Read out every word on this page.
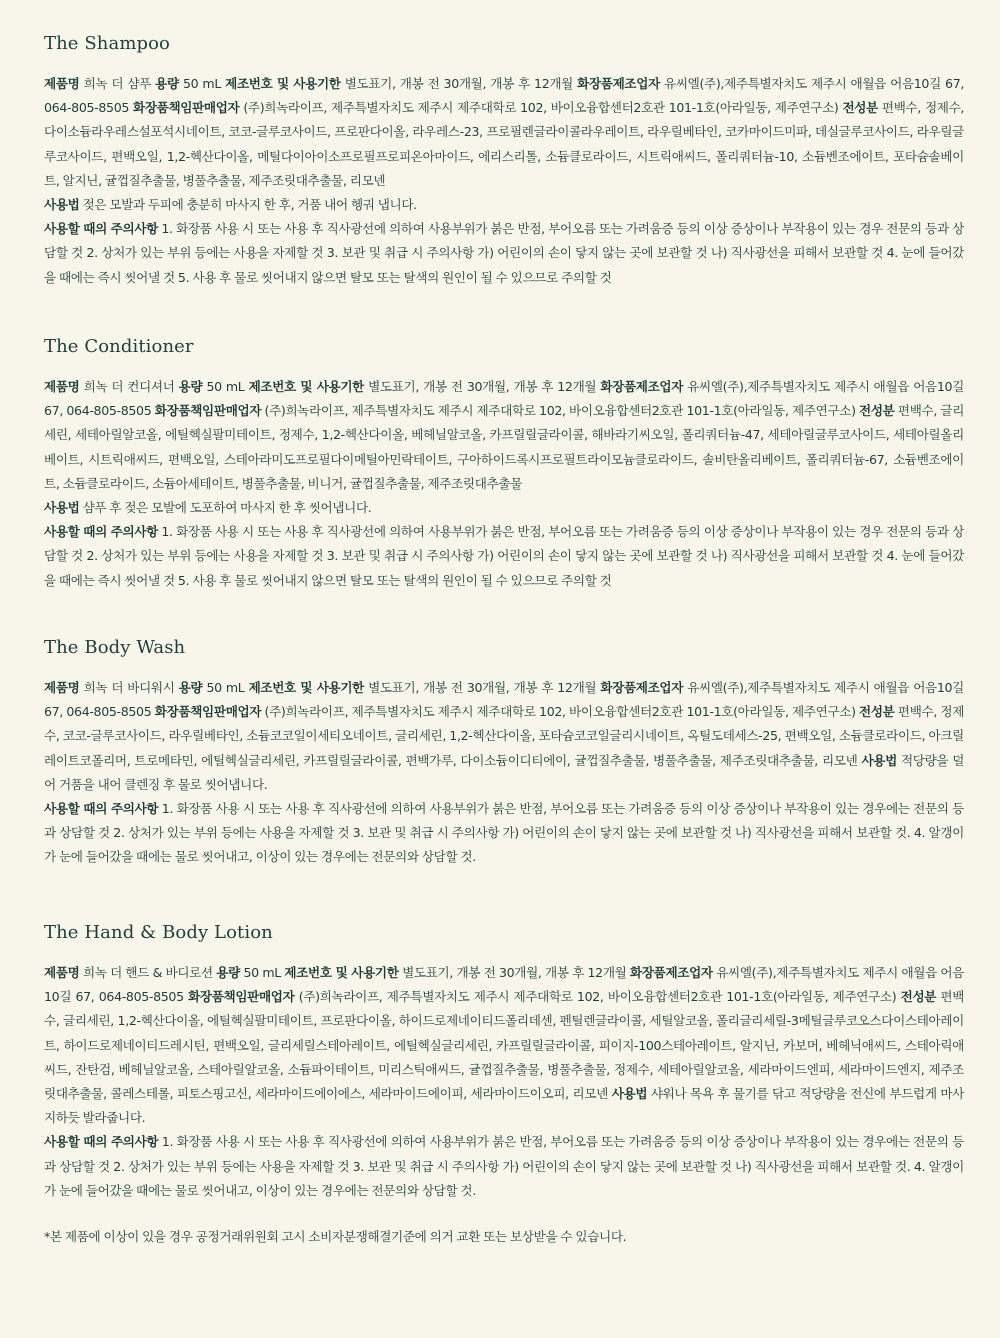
The Shampoo

제품명 희녹 더 샴푸 용량 50 mL 제조번호 및 사용기한 별도표기, 개봉 전 30개월, 개봉 후 12개월 화장품제조업자 유씨엘(주),제주특별자치도 제주시 애월읍 어음10길 67, 064-805-8505 화장품책임판매업자 (주)희녹라이프, 제주특별자치도 제주시 제주대학로 102, 바이오융합센터2호관 101-1호(아라일동, 제주연구소) 전성분 편백수, 정제수, 다이소듐라우레스설포석시네이트, 코코-글루코사이드, 프로판다이올, 라우레스-23, 프로필렌글라이콜라우레이트, 라우릴베타인, 코카마이드미파, 데실글루코사이드, 라우릴글루코사이드, 편백오일, 1,2-헥산다이올, 메틸다이아이소프로필프로피온아마이드, 에리스리톨, 소듐클로라이드, 시트릭애씨드, 폴리쿼터늄-10, 소듐벤조에이트, 포타슘솔베이트, 알지닌, 귤껍질추출물, 병풀추출물, 제주조릿대추출물, 리모넨

사용법 젖은 모발과 두피에 충분히 마사지 한 후, 거품 내어 헹궈 냅니다.

사용할 때의 주의사항 1. 화장품 사용 시 또는 사용 후 직사광선에 의하여 사용부위가 붉은 반점, 부어오름 또는 가려움증 등의 이상 증상이나 부작용이 있는 경우 전문의 등과 상담할 것 2. 상처가 있는 부위 등에는 사용을 자제할 것 3. 보관 및 취급 시 주의사항 가) 어린이의 손이 닿지 않는 곳에 보관할 것 나) 직사광선을 피해서 보관할 것 4. 눈에 들어갔을 때에는 즉시 씻어낼 것 5. 사용 후 물로 씻어내지 않으면 탈모 또는 탈색의 원인이 될 수 있으므로 주의할 것

The Conditioner

제품명 희녹 더 컨디셔너 용량 50 mL 제조번호 및 사용기한 별도표기, 개봉 전 30개월, 개봉 후 12개월 화장품제조업자 유씨엘(주),제주특별자치도 제주시 애월읍 어음10길 67, 064-805-8505 화장품책임판매업자 (주)희녹라이프, 제주특별자치도 제주시 제주대학로 102, 바이오융합센터2호관 101-1호(아라일동, 제주연구소) 전성분 편백수, 글리세린, 세테아릴알코올, 에틸헥실팔미테이트, 정제수, 1,2-헥산다이올, 베헤닐알코올, 카프릴릴글라이콜, 해바라기씨오일, 폴리쿼터늄-47, 세테아릴글루코사이드, 세테아릴올리베이트, 시트릭애씨드, 편백오일, 스테아라미도프로필다이메틸아민락테이트, 구아하이드록시프로필트라이모늄클로라이드, 솔비탄올리베이트, 폴리쿼터늄-67, 소듐벤조에이트, 소듐클로라이드, 소듐아세테이트, 병풀추출물, 비니거, 귤껍질추출물, 제주조릿대추출물

사용법 샴푸 후 젖은 모발에 도포하여 마사지 한 후 씻어냅니다.

사용할 때의 주의사항 1. 화장품 사용 시 또는 사용 후 직사광선에 의하여 사용부위가 붉은 반점, 부어오름 또는 가려움증 등의 이상 증상이나 부작용이 있는 경우 전문의 등과 상담할 것 2. 상처가 있는 부위 등에는 사용을 자제할 것 3. 보관 및 취급 시 주의사항 가) 어린이의 손이 닿지 않는 곳에 보관할 것 나) 직사광선을 피해서 보관할 것 4. 눈에 들어갔을 때에는 즉시 씻어낼 것 5. 사용 후 물로 씻어내지 않으면 탈모 또는 탈색의 원인이 될 수 있으므로 주의할 것

The Body Wash

제품명 희녹 더 바디워시 용량 50 mL 제조번호 및 사용기한 별도표기, 개봉 전 30개월, 개봉 후 12개월 화장품제조업자 유씨엘(주),제주특별자치도 제주시 애월읍 어음10길 67, 064-805-8505 화장품책임판매업자 (주)희녹라이프, 제주특별자치도 제주시 제주대학로 102, 바이오융합센터2호관 101-1호(아라일동, 제주연구소) 전성분 편백수, 정제수, 코코-글루코사이드, 라우릴베타인, 소듐코코일이세티오네이트, 글리세린, 1,2-헥산다이올, 포타슘코코일글리시네이트, 옥틸도데세스-25, 편백오일, 소듐클로라이드, 아크릴레이트코폴리머, 트로메타민, 에틸헥실글리세린, 카프릴릴글라이콜, 편백가루, 다이소듐이디티에이, 귤껍질추출물, 병풀추출물, 제주조릿대추출물, 리모넨 사용법 적당량을 덜어 거품을 내어 클렌징 후 물로 씻어냅니다.

사용할 때의 주의사항 1. 화장품 사용 시 또는 사용 후 직사광선에 의하여 사용부위가 붉은 반점, 부어오름 또는 가려움증 등의 이상 증상이나 부작용이 있는 경우에는 전문의 등과 상담할 것 2. 상처가 있는 부위 등에는 사용을 자제할 것 3. 보관 및 취급 시 주의사항 가) 어린이의 손이 닿지 않는 곳에 보관할 것 나) 직사광선을 피해서 보관할 것. 4. 알갱이가 눈에 들어갔을 때에는 물로 씻어내고, 이상이 있는 경우에는 전문의와 상담할 것.

The Hand & Body Lotion

제품명 희녹 더 핸드 & 바디로션 용량 50 mL 제조번호 및 사용기한 별도표기, 개봉 전 30개월, 개봉 후 12개월 화장품제조업자 유씨엘(주),제주특별자치도 제주시 애월읍 어음10길 67, 064-805-8505 화장품책임판매업자 (주)희녹라이프, 제주특별자치도 제주시 제주대학로 102, 바이오융합센터2호관 101-1호(아라일동, 제주연구소) 전성분 편백수, 글리세린, 1,2-헥산다이올, 에틸헥실팔미테이트, 프로판다이올, 하이드로제네이티드폴리데센, 펜틸렌글라이콜, 세틸알코올, 폴리글리세릴-3메틸글루코오스다이스테아레이트, 하이드로제네이티드레시틴, 편백오일, 글리세릴스테아레이트, 에틸헥실글리세린, 카프릴릴글라이콜, 피이지-100스테아레이트, 알지닌, 카보머, 베헤닉애씨드, 스테아릭애씨드, 잔탄검, 베헤닐알코올, 스테아릴알코올, 소듐파이테이트, 미리스틱애씨드, 귤껍질추출물, 병풀추출물, 정제수, 세테아릴알코올, 세라마이드엔피, 세라마이드엔지, 제주조릿대추출물, 콜레스테롤, 피토스핑고신, 세라마이드에이에스, 세라마이드에이피, 세라마이드이오피, 리모넨 사용법 샤워나 목욕 후 물기를 닦고 적당량을 전신에 부드럽게 마사지하듯 발라줍니다.

사용할 때의 주의사항 1. 화장품 사용 시 또는 사용 후 직사광선에 의하여 사용부위가 붉은 반점, 부어오름 또는 가려움증 등의 이상 증상이나 부작용이 있는 경우에는 전문의 등과 상담할 것 2. 상처가 있는 부위 등에는 사용을 자제할 것 3. 보관 및 취급 시 주의사항 가) 어린이의 손이 닿지 않는 곳에 보관할 것 나) 직사광선을 피해서 보관할 것. 4. 알갱이가 눈에 들어갔을 때에는 물로 씻어내고, 이상이 있는 경우에는 전문의와 상담할 것.

*본 제품에 이상이 있을 경우 공정거래위원회 고시 소비자분쟁해결기준에 의거 교환 또는 보상받을 수 있습니다.
